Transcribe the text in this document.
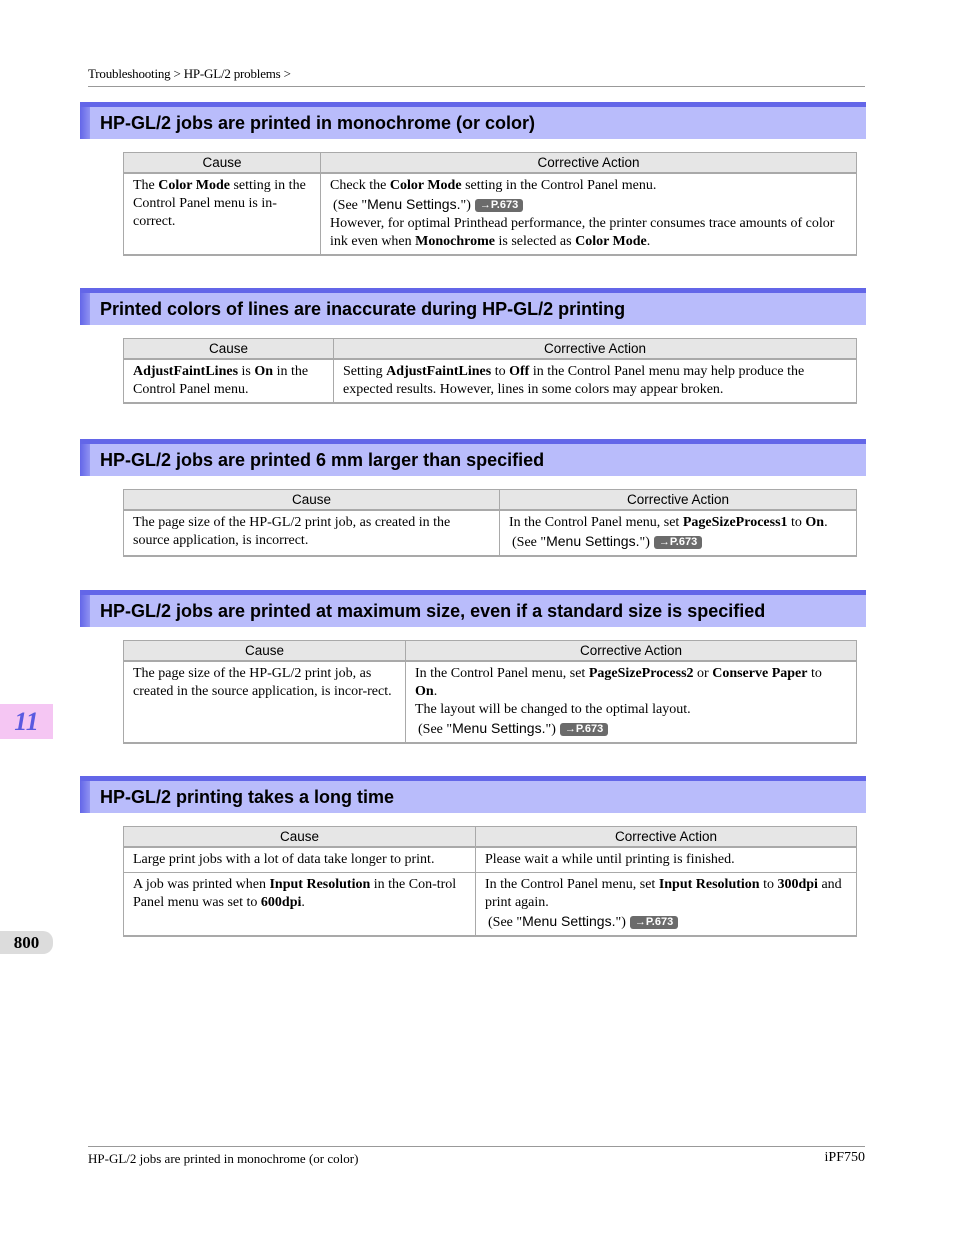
Troubleshooting > HP-GL/2 problems >
HP-GL/2 jobs are printed in monochrome (or color)
Cause	Corrective Action
The Color Mode setting in the Control Panel menu is in-correct.	Check the Color Mode setting in the Control Panel menu.
(See "Menu Settings.") →P.673
However, for optimal Printhead performance, the printer consumes trace amounts of color ink even when Monochrome is selected as Color Mode.
Printed colors of lines are inaccurate during HP-GL/2 printing
Cause	Corrective Action
AdjustFaintLines is On in the Control Panel menu.	Setting AdjustFaintLines to Off in the Control Panel menu may help produce the expected results. However, lines in some colors may appear broken.
HP-GL/2 jobs are printed 6 mm larger than specified
Cause	Corrective Action
The page size of the HP-GL/2 print job, as created in the source application, is incorrect.	In the Control Panel menu, set PageSizeProcess1 to On.
(See "Menu Settings.") →P.673
HP-GL/2 jobs are printed at maximum size, even if a standard size is specified
Cause	Corrective Action
The page size of the HP-GL/2 print job, as created in the source application, is incor-rect.	In the Control Panel menu, set PageSizeProcess2 or Conserve Paper to On.
The layout will be changed to the optimal layout.
(See "Menu Settings.") →P.673
HP-GL/2 printing takes a long time
Cause	Corrective Action
Large print jobs with a lot of data take longer to print.	Please wait a while until printing is finished.
A job was printed when Input Resolution in the Con-trol Panel menu was set to 600dpi.	In the Control Panel menu, set Input Resolution to 300dpi and print again.
(See "Menu Settings.") →P.673
11
800
HP-GL/2 jobs are printed in monochrome (or color)	iPF750
